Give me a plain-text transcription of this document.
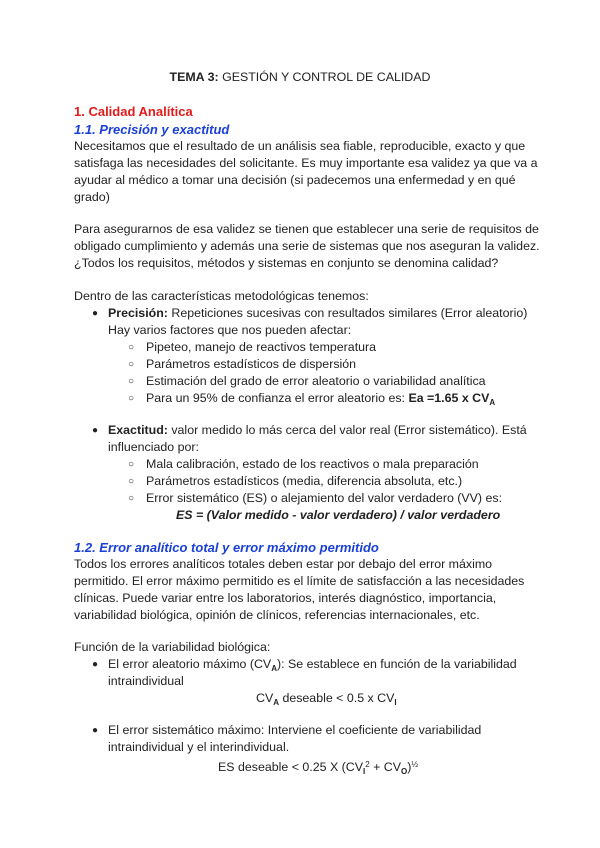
TEMA 3: GESTIÓN Y CONTROL DE CALIDAD
1. Calidad Analítica
1.1. Precisión y exactitud
Necesitamos que el resultado de un análisis sea fiable, reproducible, exacto y que
satisfaga las necesidades del solicitante. Es muy importante esa validez ya que va a
ayudar al médico a tomar una decisión (si padecemos una enfermedad y en qué
grado)
Para asegurarnos de esa validez se tienen que establecer una serie de requisitos de
obligado cumplimiento y además una serie de sistemas que nos aseguran la validez.
¿Todos los requisitos, métodos y sistemas en conjunto se denomina calidad?
Dentro de las características metodológicas tenemos:
● Precisión: Repeticiones sucesivas con resultados similares (Error aleatorio)
Hay varios factores que nos pueden afectar:
○ Pipeteo, manejo de reactivos temperatura
○ Parámetros estadísticos de dispersión
○ Estimación del grado de error aleatorio o variabilidad analítica
○ Para un 95% de confianza el error aleatorio es: Ea =1.65 x $CV_A$
● Exactitud: valor medido lo más cerca del valor real (Error sistemático). Está
influenciado por:
○ Mala calibración, estado de los reactivos o mala preparación
○ Parámetros estadísticos (media, diferencia absoluta, etc.)
○ Error sistemático (ES) o alejamiento del valor verdadero (VV) es:
ES = (Valor medido - valor verdadero) / valor verdadero
1.2. Error analítico total y error máximo permitido
Todos los errores analíticos totales deben estar por debajo del error máximo
permitido. El error máximo permitido es el límite de satisfacción a las necesidades
clínicas. Puede variar entre los laboratorios, interés diagnóstico, importancia,
variabilidad biológica, opinión de clínicos, referencias internacionales, etc.
Función de la variabilidad biológica:
● El error aleatorio máximo $(CV_A)$: Se establece en función de la variabilidad
intraindividual
$CV_A$ deseable < 0.5 x $CV_I$
● El error sistemático máximo: Interviene el coeficiente de variabilidad
intraindividual y el interindividual.
ES deseable < 0.25 X $(CV_I^2 + CV_O)^{\frac{1}{2}}$
